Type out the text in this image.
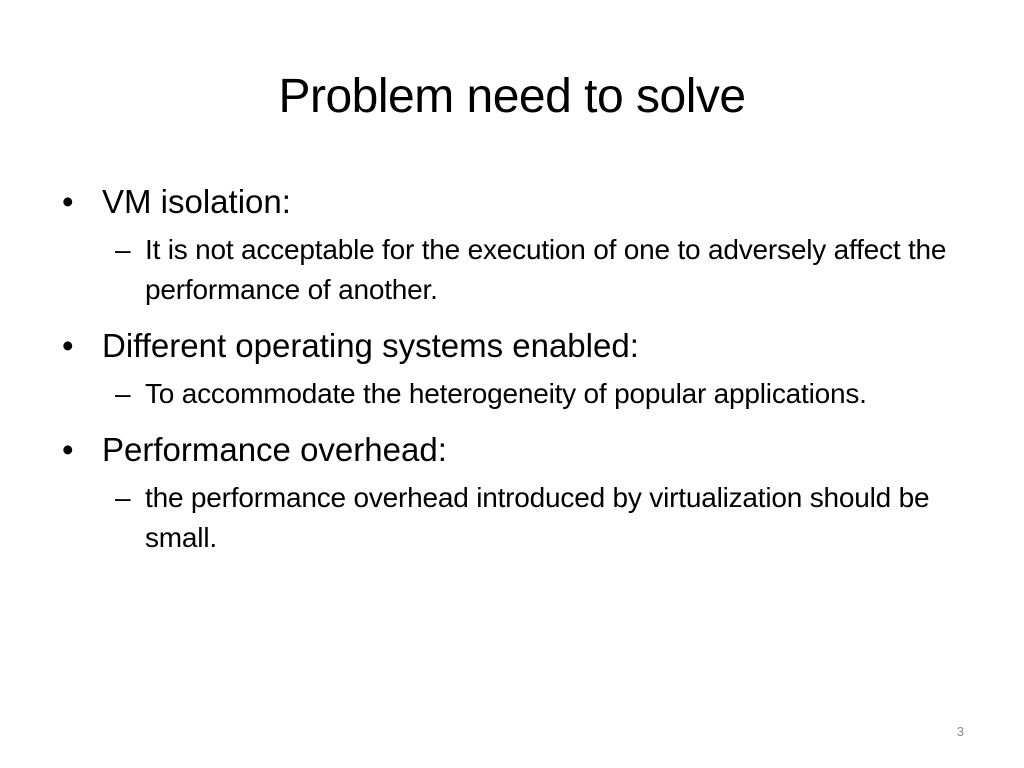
Problem need to solve

• VM isolation:

– It is not acceptable for the execution of one to adversely affect the performance of another.

• Different operating systems enabled:

– To accommodate the heterogeneity of popular applications.

• Performance overhead:

– the performance overhead introduced by virtualization should be small.

3
